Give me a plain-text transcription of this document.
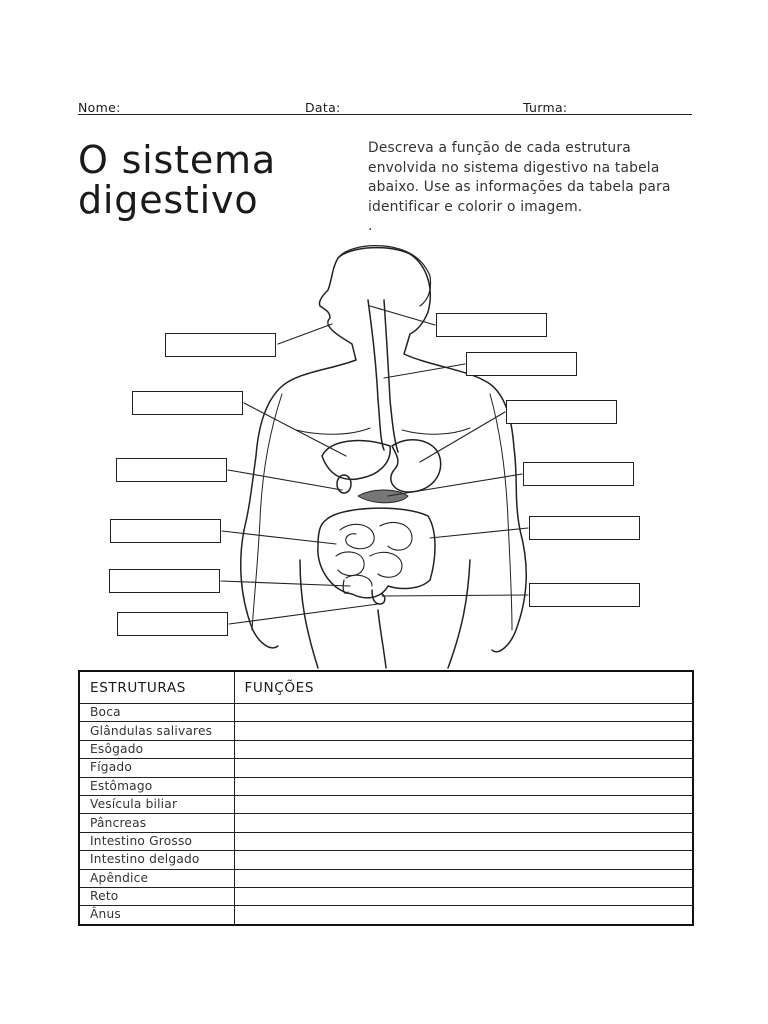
Nome:	Data:	Turma:
O sistema
digestivo
Descreva a função de cada estrutura envolvida no sistema digestivo na tabela abaixo. Use as informações da tabela para identificar e colorir o imagem.
.
ESTRUTURAS	FUNÇÕES
Boca	
Glândulas salivares	
Esôgado	
Fígado	
Estômago	
Vesícula biliar	
Pâncreas	
Intestino Grosso	
Intestino delgado	
Apêndice	
Reto	
Ânus	
